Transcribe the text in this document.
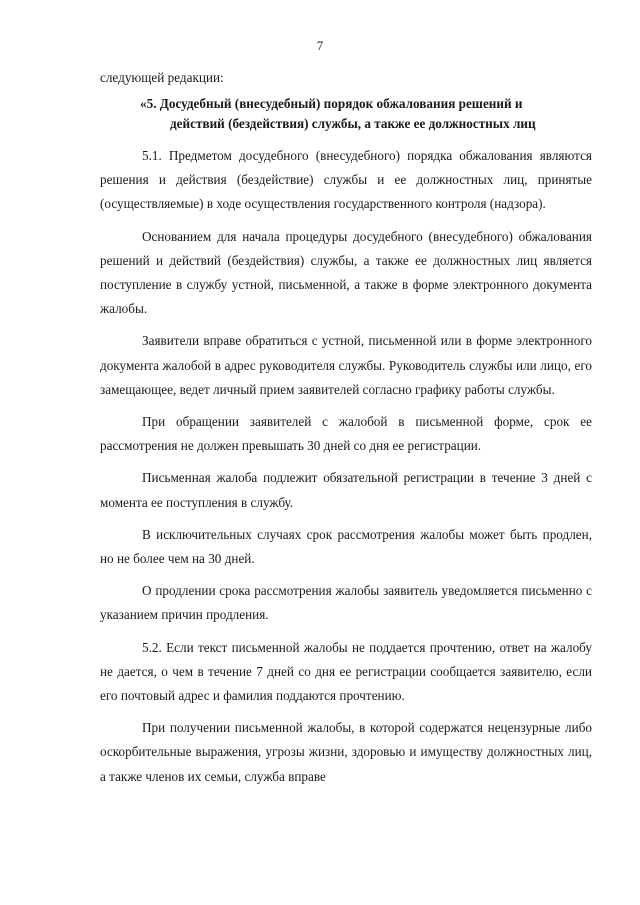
7
следующей редакции:
«5. Досудебный (внесудебный) порядок обжалования решений и
действий (бездействия) службы, а также ее должностных лиц

5.1. Предметом досудебного (внесудебного) порядка обжалования являются решения и действия (бездействие) службы и ее должностных лиц, принятые (осуществляемые) в ходе осуществления государственного контроля (надзора).

Основанием для начала процедуры досудебного (внесудебного) обжалования решений и действий (бездействия) службы, а также ее должностных лиц является поступление в службу устной, письменной, а также в форме электронного документа жалобы.

Заявители вправе обратиться с устной, письменной или в форме электронного документа жалобой в адрес руководителя службы. Руководитель службы или лицо, его замещающее, ведет личный прием заявителей согласно графику работы службы.

При обращении заявителей с жалобой в письменной форме, срок ее рассмотрения не должен превышать 30 дней со дня ее регистрации.

Письменная жалоба подлежит обязательной регистрации в течение 3 дней с момента ее поступления в службу.

В исключительных случаях срок рассмотрения жалобы может быть продлен, но не более чем на 30 дней.

О продлении срока рассмотрения жалобы заявитель уведомляется письменно с указанием причин продления.

5.2. Если текст письменной жалобы не поддается прочтению, ответ на жалобу не дается, о чем в течение 7 дней со дня ее регистрации сообщается заявителю, если его почтовый адрес и фамилия поддаются прочтению.

При получении письменной жалобы, в которой содержатся нецензурные либо оскорбительные выражения, угрозы жизни, здоровью и имуществу должностных лиц, а также членов их семьи, служба вправе
